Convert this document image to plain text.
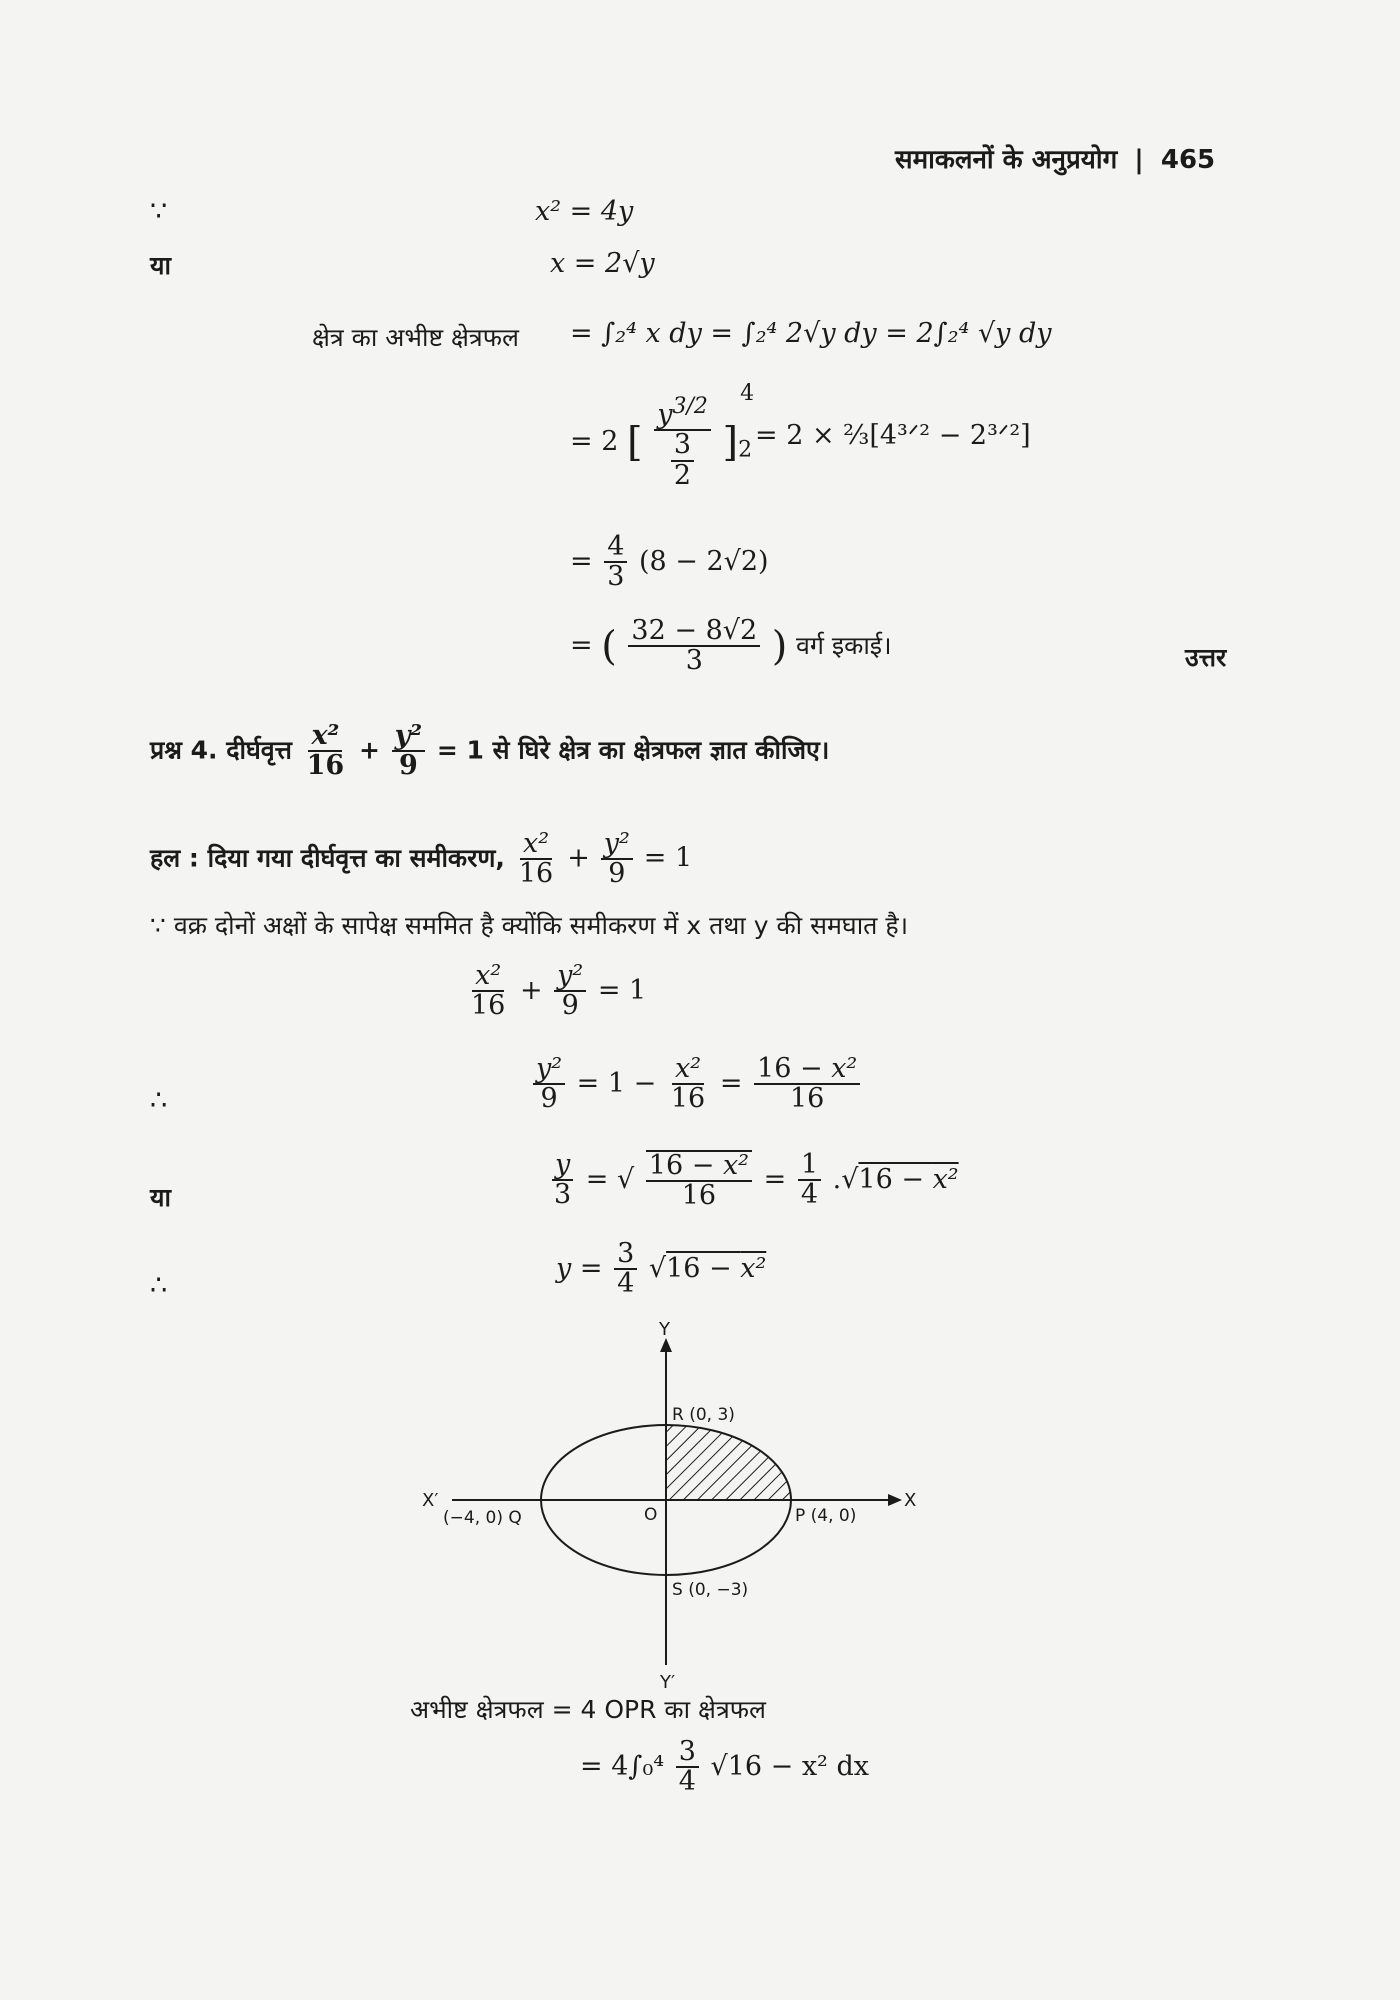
समाकलनों के अनुप्रयोग | 465
∵	x² = 4y
या	x = 2√y
क्षेत्र का अभीष्ट क्षेत्रफल = ∫₂⁴ x dy = ∫₂⁴ 2√y dy = 2∫₂⁴ √y dy
= 2 [ $\frac{y^{3/2}}{\frac{3}{2}} ]_2^4$
= 2 × ⅔[4³ᐟ² − 2³ᐟ²]
= $\frac{4}{3} (8 - 2√2)$
= ( $\frac{32 - 8√2}{3}$ ) वर्ग इकाई।	उत्तर
प्रश्न 4. दीर्घवृत्त $\frac{\text{x²}}{16} + \frac{\text{y²}}{9} = 1$ से घिरे क्षेत्र का क्षेत्रफल ज्ञात कीजिए।
हल : दिया गया दीर्घवृत्त का समीकरण, $\frac{\text{x²}}{16} + \frac{\text{y²}}{9} = 1$
∵ वक्र दोनों अक्षों के सापेक्ष सममित है क्योंकि समीकरण में x तथा y की समघात है।
$\frac{\text{x²}}{16} + \frac{\text{y²}}{9} = 1$
∴	$\frac{\text{y²}}{9} = 1 - \frac{\text{x²}}{16} = \frac{\text{16 − x²}}{16}$
या	$\frac{y}{3}$ = √ $\frac{\text{16 − x²}}{16} = \frac{1}{4} .√16 - x^2$
∴
$y = \frac{3}{4} √16 - x^2$
Y
Y′
X
X′
O
R (0, 3)
P (4, 0)
(−4, 0) Q
S (0, −3)
अभीष्ट क्षेत्रफल = 4 OPR का क्षेत्रफल
= $4\int_0^4 \frac{3}{4} √16 - x^2$ dx
